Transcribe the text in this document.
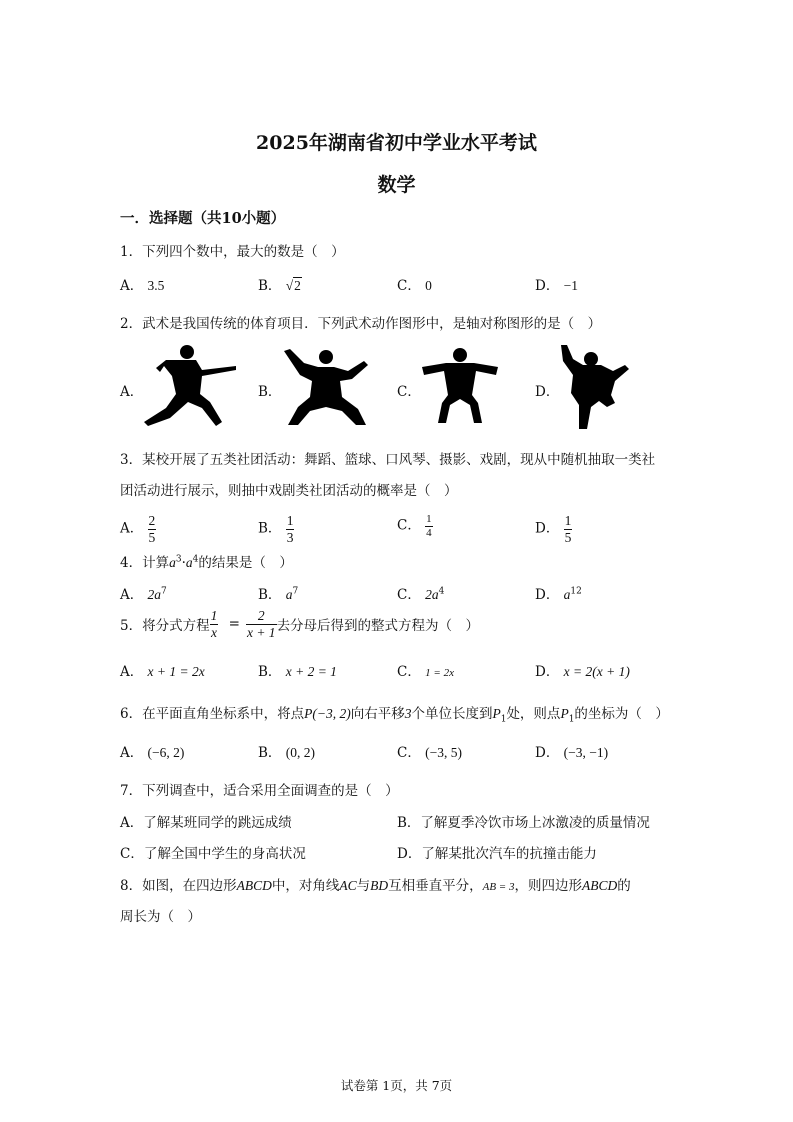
2025年湖南省初中学业水平考试
数学
一．选择题（共10小题）
1．下列四个数中，最大的数是（　）
A． 3.5	B． √2	C． 0	D． −1
2．武术是我国传统的体育项目．下列武术动作图形中，是轴对称图形的是（　）
A．	B．	C．	D．
3．某校开展了五类社团活动：舞蹈、篮球、口风琴、摄影、戏剧，现从中随机抽取一类社
团活动进行展示，则抽中戏剧类社团活动的概率是（　）
A． $\frac{2}{5}$	B． $\frac{1}{3}$	C． $\frac{1}{4}$	D． $\frac{1}{5}$
4．计算$a^3\cdot a^4$的结果是（　）
A． $2a^7$	B． $a^7$	C． $2a^4$	D． $a^{12}$
5．将分式方程 $\frac{1}{x} = \frac{2}{x + 1}$ 去分母后得到的整式方程为（　）
A． x + 1 = 2x	B． x + 2 = 1	C． 1 = 2x	D． x = 2(x + 1)
6．在平面直角坐标系中，将点P(−3, 2)向右平移3个单位长度到$P_1$处，则点$P_1$的坐标为（　）
A． (−6, 2)	B． (0, 2)	C． (−3, 5)	D． (−3, −1)
7．下列调查中，适合采用全面调查的是（　）
A．了解某班同学的跳远成绩	B．了解夏季冷饮市场上冰激凌的质量情况
C．了解全国中学生的身高状况	D．了解某批次汽车的抗撞击能力
8．如图，在四边形ABCD中，对角线AC与BD互相垂直平分，AB = 3，则四边形ABCD的
周长为（　）
试卷第 1页，共 7页
